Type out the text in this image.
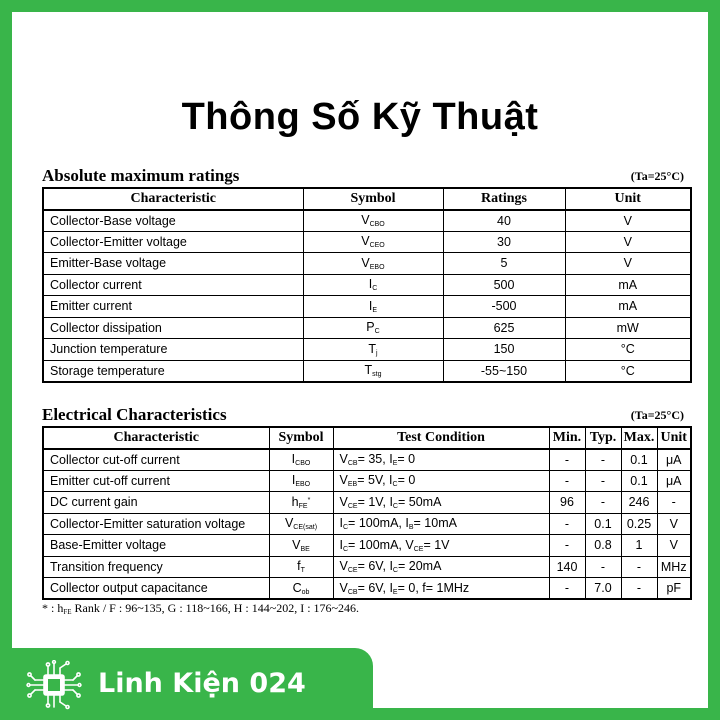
Thông Số Kỹ Thuật
Absolute maximum ratings	(Ta=25°C)
Characteristic	Symbol	Ratings	Unit
Collector-Base voltage	$V_{CBO}$	40	V
Collector-Emitter voltage	$V_{CEO}$	30	V
Emitter-Base voltage	$V_{EBO}$	5	V
Collector current	$I_C$	500	mA
Emitter current	$I_E$	-500	mA
Collector dissipation	$P_C$	625	mW
Junction temperature	$T_j$	150	°C
Storage temperature	$T_{stg}$	-55~150	°C
Electrical Characteristics	(Ta=25°C)
Characteristic	Symbol	Test Condition	Min.	Typ.	Max.	Unit
Collector cut-off current	$I_{CBO}$	$V_{CB}= 35$, $I_E= 0$	-	-	0.1	μA
Emitter cut-off current	$I_{EBO}$	$V_{EB}= 5V$, $I_C= 0$	-	-	0.1	μA
DC current gain	$h_{FE}^*$	$V_{CE}= 1V$, $I_C= 50mA$	96	-	246	-
Collector-Emitter saturation voltage	$V_{CE(sat)}$	$I_C= 100mA$, $I_B= 10mA$	-	0.1	0.25	V
Base-Emitter voltage	$V_{BE}$	$I_C= 100mA$, $V_{CE}= 1V$	-	0.8	1	V
Transition frequency	$f_T$	$V_{CE}= 6V$, $I_C= 20mA$	140	-	-	MHz
Collector output capacitance	$C_{ob}$	$V_{CB}= 6V$, $I_E= 0$, f= 1MHz	-	7.0	-	pF
* : $h_{FE}$ Rank / F : 96~135, G : 118~166, H : 144~202, I : 176~246.
Linh Kiện 024
